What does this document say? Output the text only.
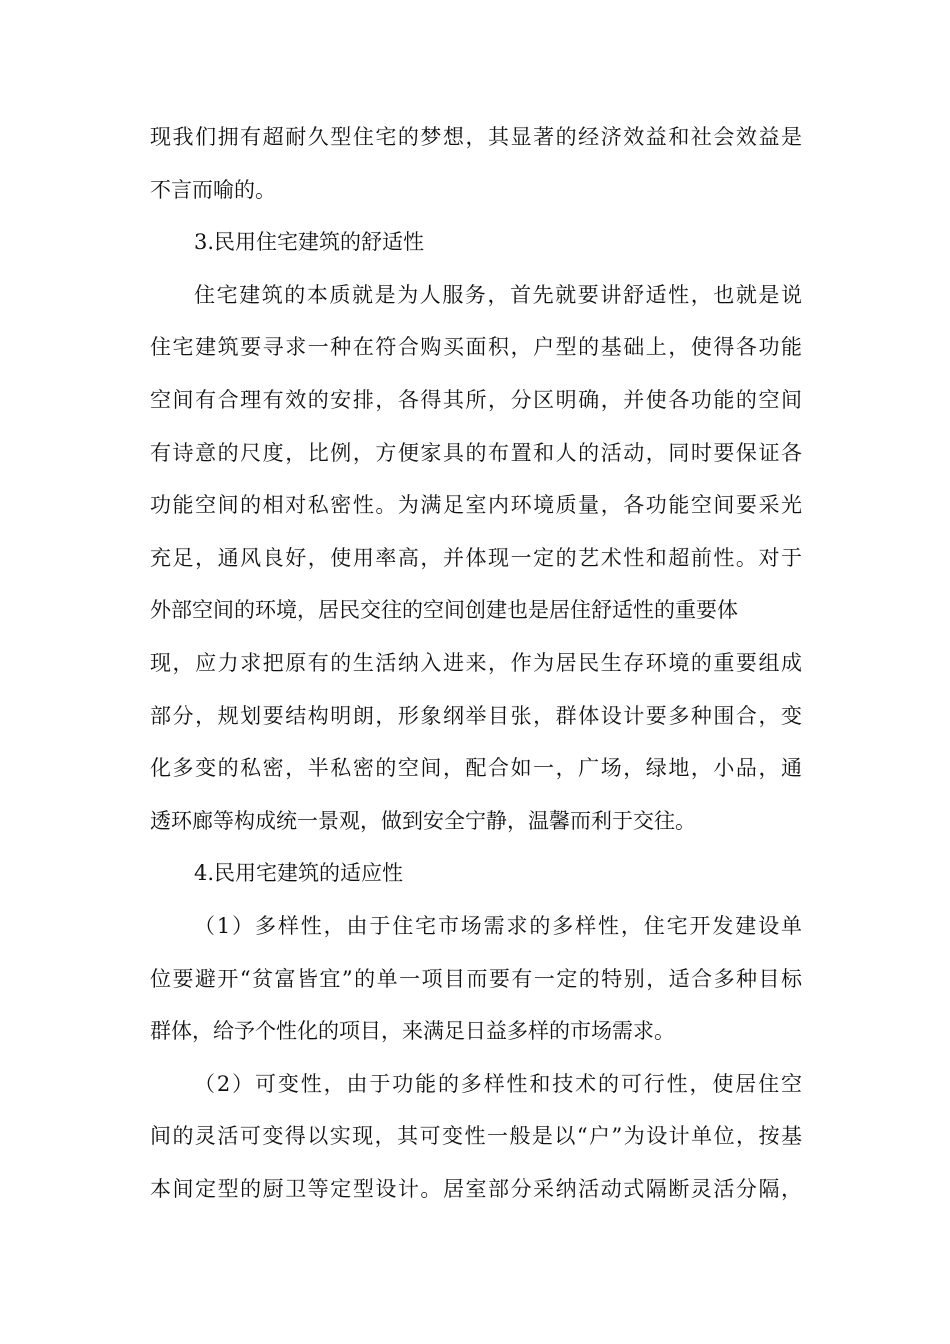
现我们拥有超耐久型住宅的梦想，其显著的经济效益和社会效益是
不言而喻的。
3.民用住宅建筑的舒适性
住宅建筑的本质就是为人服务，首先就要讲舒适性，也就是说
住宅建筑要寻求一种在符合购买面积，户型的基础上，使得各功能
空间有合理有效的安排，各得其所，分区明确，并使各功能的空间
有诗意的尺度，比例，方便家具的布置和人的活动，同时要保证各
功能空间的相对私密性。为满足室内环境质量，各功能空间要采光
充足，通风良好，使用率高，并体现一定的艺术性和超前性。对于
外部空间的环境，居民交往的空间创建也是居住舒适性的重要体
现，应力求把原有的生活纳入进来，作为居民生存环境的重要组成
部分，规划要结构明朗，形象纲举目张，群体设计要多种围合，变
化多变的私密，半私密的空间，配合如一，广场，绿地，小品，通
透环廊等构成统一景观，做到安全宁静，温馨而利于交往。
4.民用宅建筑的适应性
（1）多样性，由于住宅市场需求的多样性，住宅开发建设单
位要避开“贫富皆宜”的单一项目而要有一定的特别，适合多种目标
群体，给予个性化的项目，来满足日益多样的市场需求。
（2）可变性，由于功能的多样性和技术的可行性，使居住空
间的灵活可变得以实现，其可变性一般是以“户”为设计单位，按基
本间定型的厨卫等定型设计。居室部分采纳活动式隔断灵活分隔，
